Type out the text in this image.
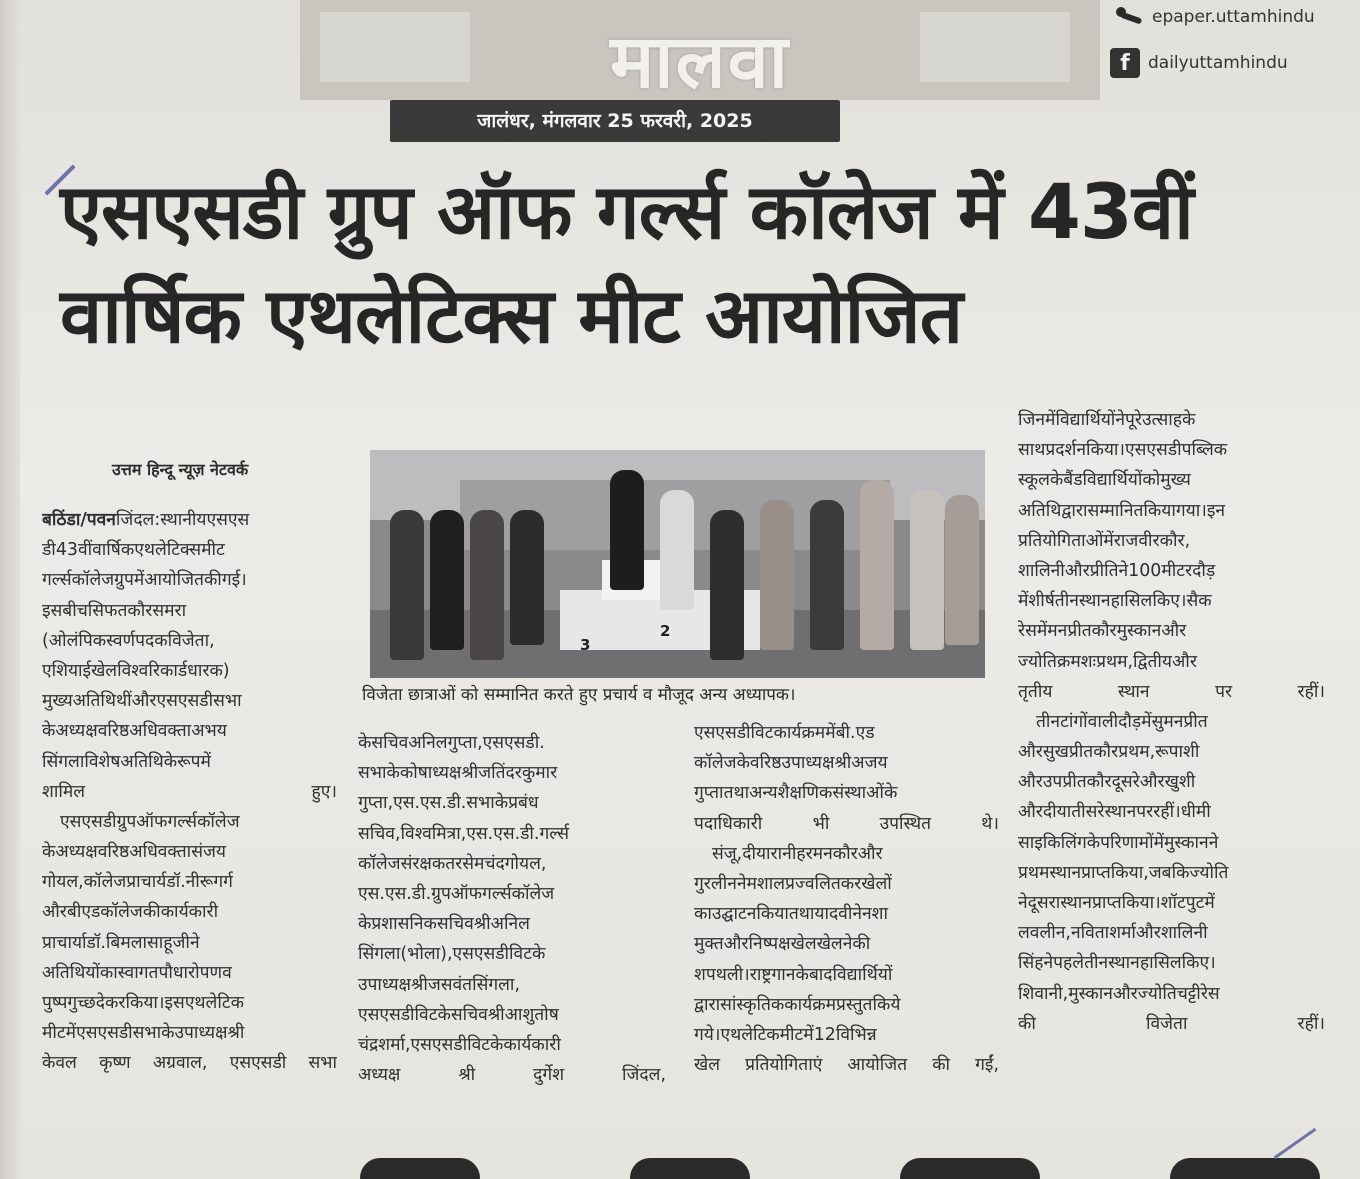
मालवा
जालंधर, मंगलवार 25 फरवरी, 2025
epaper.uttamhindu
f	dailyuttamhindu
एसएसडी ग्रुप ऑफ गर्ल्स कॉलेज में 43वीं
वार्षिक एथलेटिक्स मीट आयोजित
उत्तम हिन्दू न्यूज़ नेटवर्क
3
2
विजेता छात्राओं को सम्मानित करते हुए प्रचार्य व मौजूद अन्य अध्यापक।
बठिंडा/पवनजिंदल:स्थानीयएसएस
डी43वींवार्षिकएथलेटिक्समीट
गर्ल्सकॉलेजग्रुपमेंआयोजितकीगई।
इसबीचसिफतकौरसमरा
(ओलंपिकस्वर्णपदकविजेता,
एशियाईखेलविश्वरिकार्डधारक)
मुख्यअतिथिथींऔरएसएसडीसभा
केअध्यक्षवरिष्ठअधिवक्ताअभय
सिंगलाविशेषअतिथिकेरूपमें
शामिल हुए।
एसएसडीग्रुपऑफगर्ल्सकॉलेज
केअध्यक्षवरिष्ठअधिवक्तासंजय
गोयल,कॉलेजप्राचार्यडॉ.नीरूगर्ग
औरबीएडकॉलेजकीकार्यकारी
प्राचार्याडॉ.बिमलासाहूजीने
अतिथियोंकास्वागतपौधारोपणव
पुष्पगुच्छदेकरकिया।इसएथलेटिक
मीटमेंएसएसडीसभाकेउपाध्यक्षश्री
केवल कृष्ण अग्रवाल, एसएसडी सभा
केसचिवअनिलगुप्ता,एसएसडी.
सभाकेकोषाध्यक्षश्रीजतिंदरकुमार
गुप्ता,एस.एस.डी.सभाकेप्रबंध
सचिव,विश्वमित्रा,एस.एस.डी.गर्ल्स
कॉलेजसंरक्षकतरसेमचंदगोयल,
एस.एस.डी.ग्रुपऑफगर्ल्सकॉलेज
केप्रशासनिकसचिवश्रीअनिल
सिंगला(भोला),एसएसडीविटके
उपाध्यक्षश्रीजसवंतसिंगला,
एसएसडीविटकेसचिवश्रीआशुतोष
चंद्रशर्मा,एसएसडीविटकेकार्यकारी
अध्यक्ष श्री दुर्गेश जिंदल,
एसएसडीविटकार्यक्रममेंबी.एड
कॉलेजकेवरिष्ठउपाध्यक्षश्रीअजय
गुप्तातथाअन्यशैक्षणिकसंस्थाओंके
पदाधिकारी भी उपस्थित थे।
संजू,दीयारानीहरमनकौरऔर
गुरलीननेमशालप्रज्वलितकरखेलों
काउद्घाटनकियातथायादवीनेनशा
मुक्तऔरनिष्पक्षखेलखेलनेकी
शपथली।राष्ट्रगानकेबादविद्यार्थियों
द्वारासांस्कृतिककार्यक्रमप्रस्तुतकिये
गये।एथलेटिकमीटमें12विभिन्न
खेल प्रतियोगिताएं आयोजित की गईं,
जिनमेंविद्यार्थियोंनेपूरेउत्साहके
साथप्रदर्शनकिया।एसएसडीपब्लिक
स्कूलकेबैंडविद्यार्थियोंकोमुख्य
अतिथिद्वारासम्मानितकियागया।इन
प्रतियोगिताओंमेंराजवीरकौर,
शालिनीऔरप्रीतिने100मीटरदौड़
मेंशीर्षतीनस्थानहासिलकिए।सैक
रेसमेंमनप्रीतकौरमुस्कानऔर
ज्योतिक्रमशःप्रथम,द्वितीयऔर
तृतीय स्थान पर रहीं।
तीनटांगोंवालीदौड़मेंसुमनप्रीत
औरसुखप्रीतकौरप्रथम,रूपाशी
औरउपप्रीतकौरदूसरेऔरखुशी
औरदीयातीसरेस्थानपररहीं।धीमी
साइकिलिंगकेपरिणामोंमेंमुस्कानने
प्रथमस्थानप्राप्तकिया,जबकिज्योति
नेदूसरास्थानप्राप्तकिया।शॉटपुटमें
लवलीन,नविताशर्माऔरशालिनी
सिंहनेपहलेतीनस्थानहासिलकिए।
शिवानी,मुस्कानऔरज्योतिचट्टीरेस
की विजेता रहीं।
